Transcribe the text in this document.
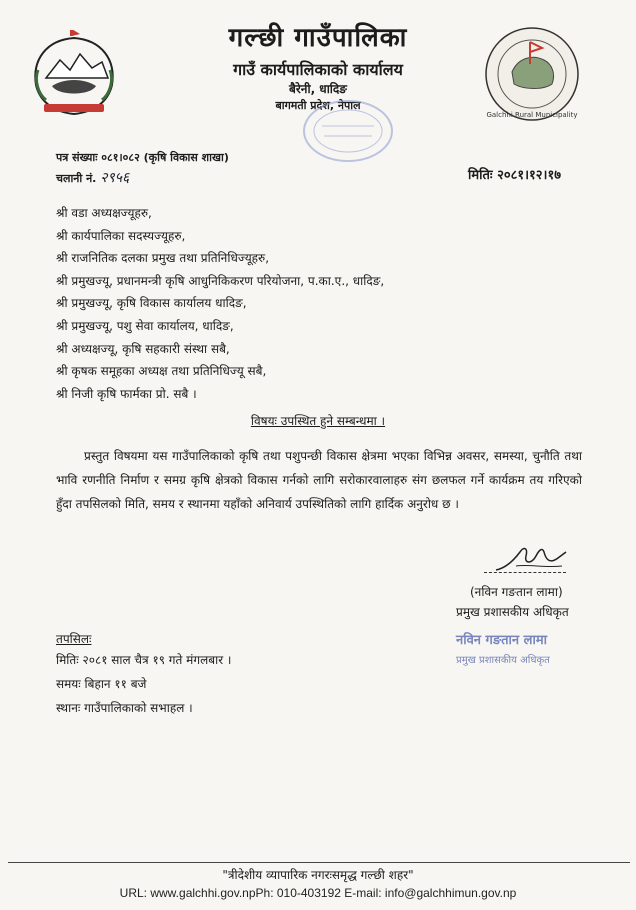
Galchhi Rural Municipality
गल्छी गाउँपालिका
गाउँ कार्यपालिकाको कार्यालय
बैरेनी, धादिङ
बागमती प्रदेश, नेपाल
पत्र संख्याः ०८१।०८२ (कृषि विकास शाखा)
चलानी नं. २९५६	मितिः २०८१।१२।१७
श्री वडा अध्यक्षज्यूहरु,
श्री कार्यपालिका सदस्यज्यूहरु,
श्री राजनितिक दलका प्रमुख तथा प्रतिनिधिज्यूहरु,
श्री प्रमुखज्यू, प्रधानमन्त्री कृषि आधुनिकिकरण परियोजना, प.का.ए., धादिङ,
श्री प्रमुखज्यू, कृषि विकास कार्यालय धादिङ,
श्री प्रमुखज्यू, पशु सेवा कार्यालय, धादिङ,
श्री अध्यक्षज्यू, कृषि सहकारी संस्था सबै,
श्री कृषक समूहका अध्यक्ष तथा प्रतिनिधिज्यू सबै,
श्री निजी कृषि फार्मका प्रो. सबै ।
विषयः उपस्थित हुने सम्बन्धमा ।
प्रस्तुत विषयमा यस गाउँपालिकाको कृषि तथा पशुपन्छी विकास क्षेत्रमा भएका विभिन्न अवसर, समस्या, चुनौति तथा भावि रणनीति निर्माण र समग्र कृषि क्षेत्रको विकास गर्नको लागि सरोकारवालाहरु संग छलफल गर्ने कार्यक्रम तय गरिएको हुँदा तपसिलको मिति, समय र स्थानमा यहाँको अनिवार्य उपस्थितिको लागि हार्दिक अनुरोध छ ।
(नविन गङतान लामा)
प्रमुख प्रशासकीय अधिकृत
नविन गङतान लामा
प्रमुख प्रशासकीय अधिकृत
तपसिलः
मितिः २०८१ साल चैत्र १९ गते मंगलबार ।
समयः बिहान ११ बजे
स्थानः गाउँपालिकाको सभाहल ।
"त्रीदेशीय व्यापारिक नगरःसमृद्ध गल्छी शहर"
URL: www.galchhi.gov.npPh: 010-403192 E-mail: info@galchhimun.gov.np
